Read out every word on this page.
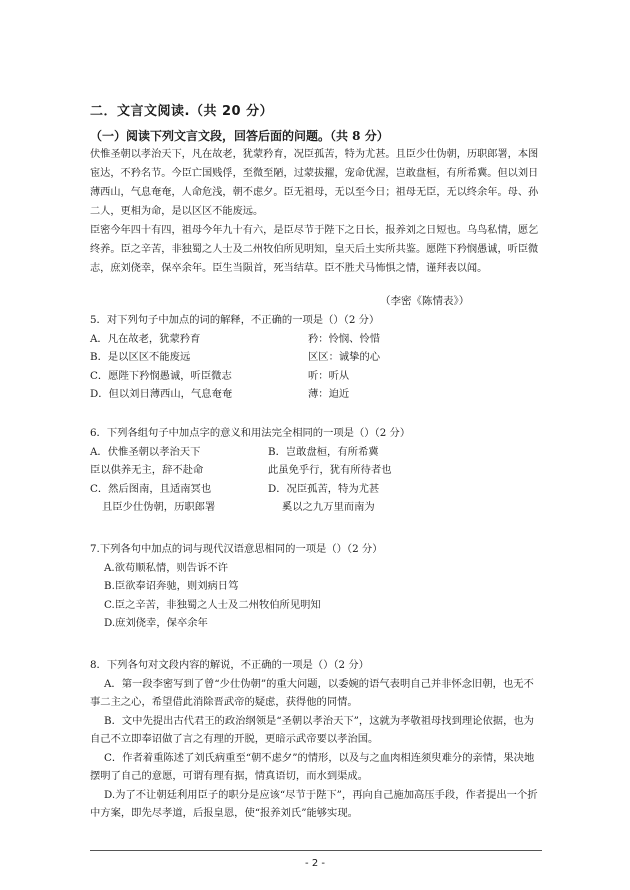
二．文言文阅读.（共 20 分）
（一）阅读下列文言文段，回答后面的问题。（共 8 分）

伏惟圣朝以孝治天下，凡在故老，犹蒙矜育，况臣孤苦，特为尤甚。且臣少仕伪朝，历职郎署，本图宦达，不矜名节。今臣亡国贱俘，至微至陋，过蒙拔擢，宠命优渥，岂敢盘桓，有所希冀。但以刘日薄西山，气息奄奄，人命危浅，朝不虑夕。臣无祖母，无以至今日；祖母无臣，无以终余年。母、孙二人，更相为命，是以区区不能废远。

臣密今年四十有四，祖母今年九十有六，是臣尽节于陛下之日长，报养刘之日短也。乌鸟私情，愿乞终养。臣之辛苦，非独蜀之人士及二州牧伯所见明知，皇天后土实所共鉴。愿陛下矜悯愚诚，听臣微志，庶刘侥幸，保卒余年。臣生当陨首，死当结草。臣不胜犬马怖惧之情，谨拜表以闻。

（李密《陈情表》）
5．对下列句子中加点的词的解释，不正确的一项是（）（2 分）
A．凡在故老，犹蒙矜育	矜：怜悯、怜惜
B．是以区区不能废远	区区：诚挚的心
C．愿陛下矜悯愚诚，听臣微志	听：听从
D．但以刘日薄西山，气息奄奄	薄：迫近
6．下列各组句子中加点字的意义和用法完全相同的一项是（）（2 分）
A．伏惟圣朝以孝治天下	B．岂敢盘桓，有所希冀
臣以供养无主，辞不赴命	此虽免乎行，犹有所待者也
C．然后图南，且适南冥也	D．况臣孤苦，特为尤甚
且臣少仕伪朝，历职郎署	奚以之九万里而南为
7.下列各句中加点的词与现代汉语意思相同的一项是（）（2 分）
A.欲苟顺私情，则告诉不许
B.臣欲奉诏奔驰，则刘病日笃
C.臣之辛苦，非独蜀之人士及二州牧伯所见明知
D.庶刘侥幸，保卒余年
8．下列各句对文段内容的解说，不正确的一项是（）（2 分）

A．第一段李密写到了曾“少仕伪朝”的重大问题，以委婉的语气表明自己并非怀念旧朝，也无不事二主之心，希望借此消除晋武帝的疑虑，获得他的同情。

B．文中先提出古代君王的政治纲领是“圣朝以孝治天下”，这就为孝敬祖母找到理论依据，也为自己不立即奉诏做了言之有理的开脱，更暗示武帝要以孝治国。

C．作者着重陈述了刘氏病重至“朝不虑夕”的情形，以及与之血肉相连须臾难分的亲情，果决地摆明了自己的意愿，可谓有理有据，情真语切，而水到渠成。

D.为了不让朝廷利用臣子的职分是应该“尽节于陛下”，再向自己施加高压手段，作者提出一个折中方案，即先尽孝道，后报皇恩，使“报养刘氏”能够实现。

- 2 -
